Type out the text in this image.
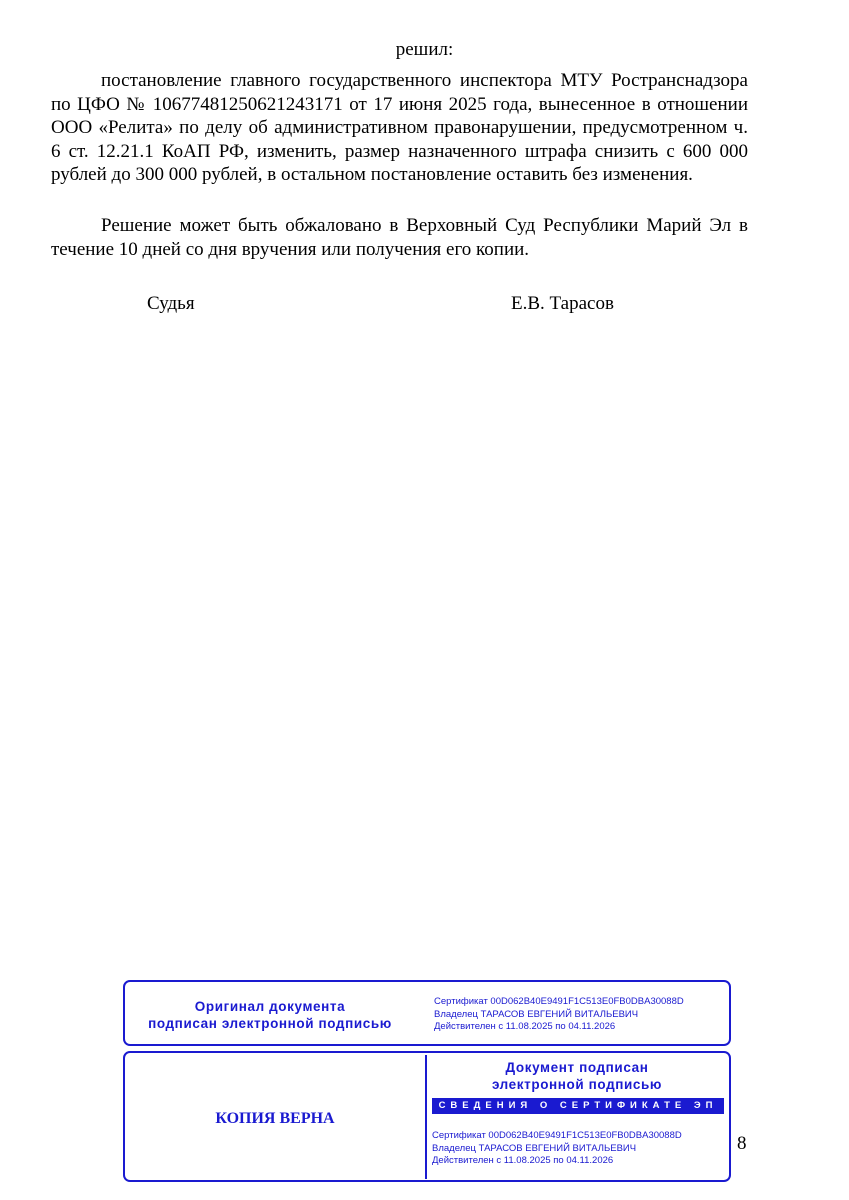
решил:
постановление главного государственного инспектора МТУ Ространснадзора по ЦФО № 10677481250621243171 от 17 июня 2025 года, вынесенное в отношении ООО «Релита» по делу об административном правонарушении, предусмотренном ч. 6 ст. 12.21.1 КоАП РФ, изменить, размер назначенного штрафа снизить с 600 000 рублей до 300 000 рублей, в остальном постановление оставить без изменения.
Решение может быть обжаловано в Верховный Суд Республики Марий Эл в течение 10 дней со дня вручения или получения его копии.
Судья	Е.В. Тарасов
Оригинал документа
подписан электронной подписью
Сертификат 00D062B40E9491F1C513E0FB0DBA30088D
Владелец ТАРАСОВ ЕВГЕНИЙ ВИТАЛЬЕВИЧ
Действителен с 11.08.2025 по 04.11.2026
КОПИЯ ВЕРНА
Документ подписан
электронной подписью
СВЕДЕНИЯ О СЕРТИФИКАТЕ ЭП
Сертификат 00D062B40E9491F1C513E0FB0DBA30088D
Владелец ТАРАСОВ ЕВГЕНИЙ ВИТАЛЬЕВИЧ
Действителен с 11.08.2025 по 04.11.2026
8
